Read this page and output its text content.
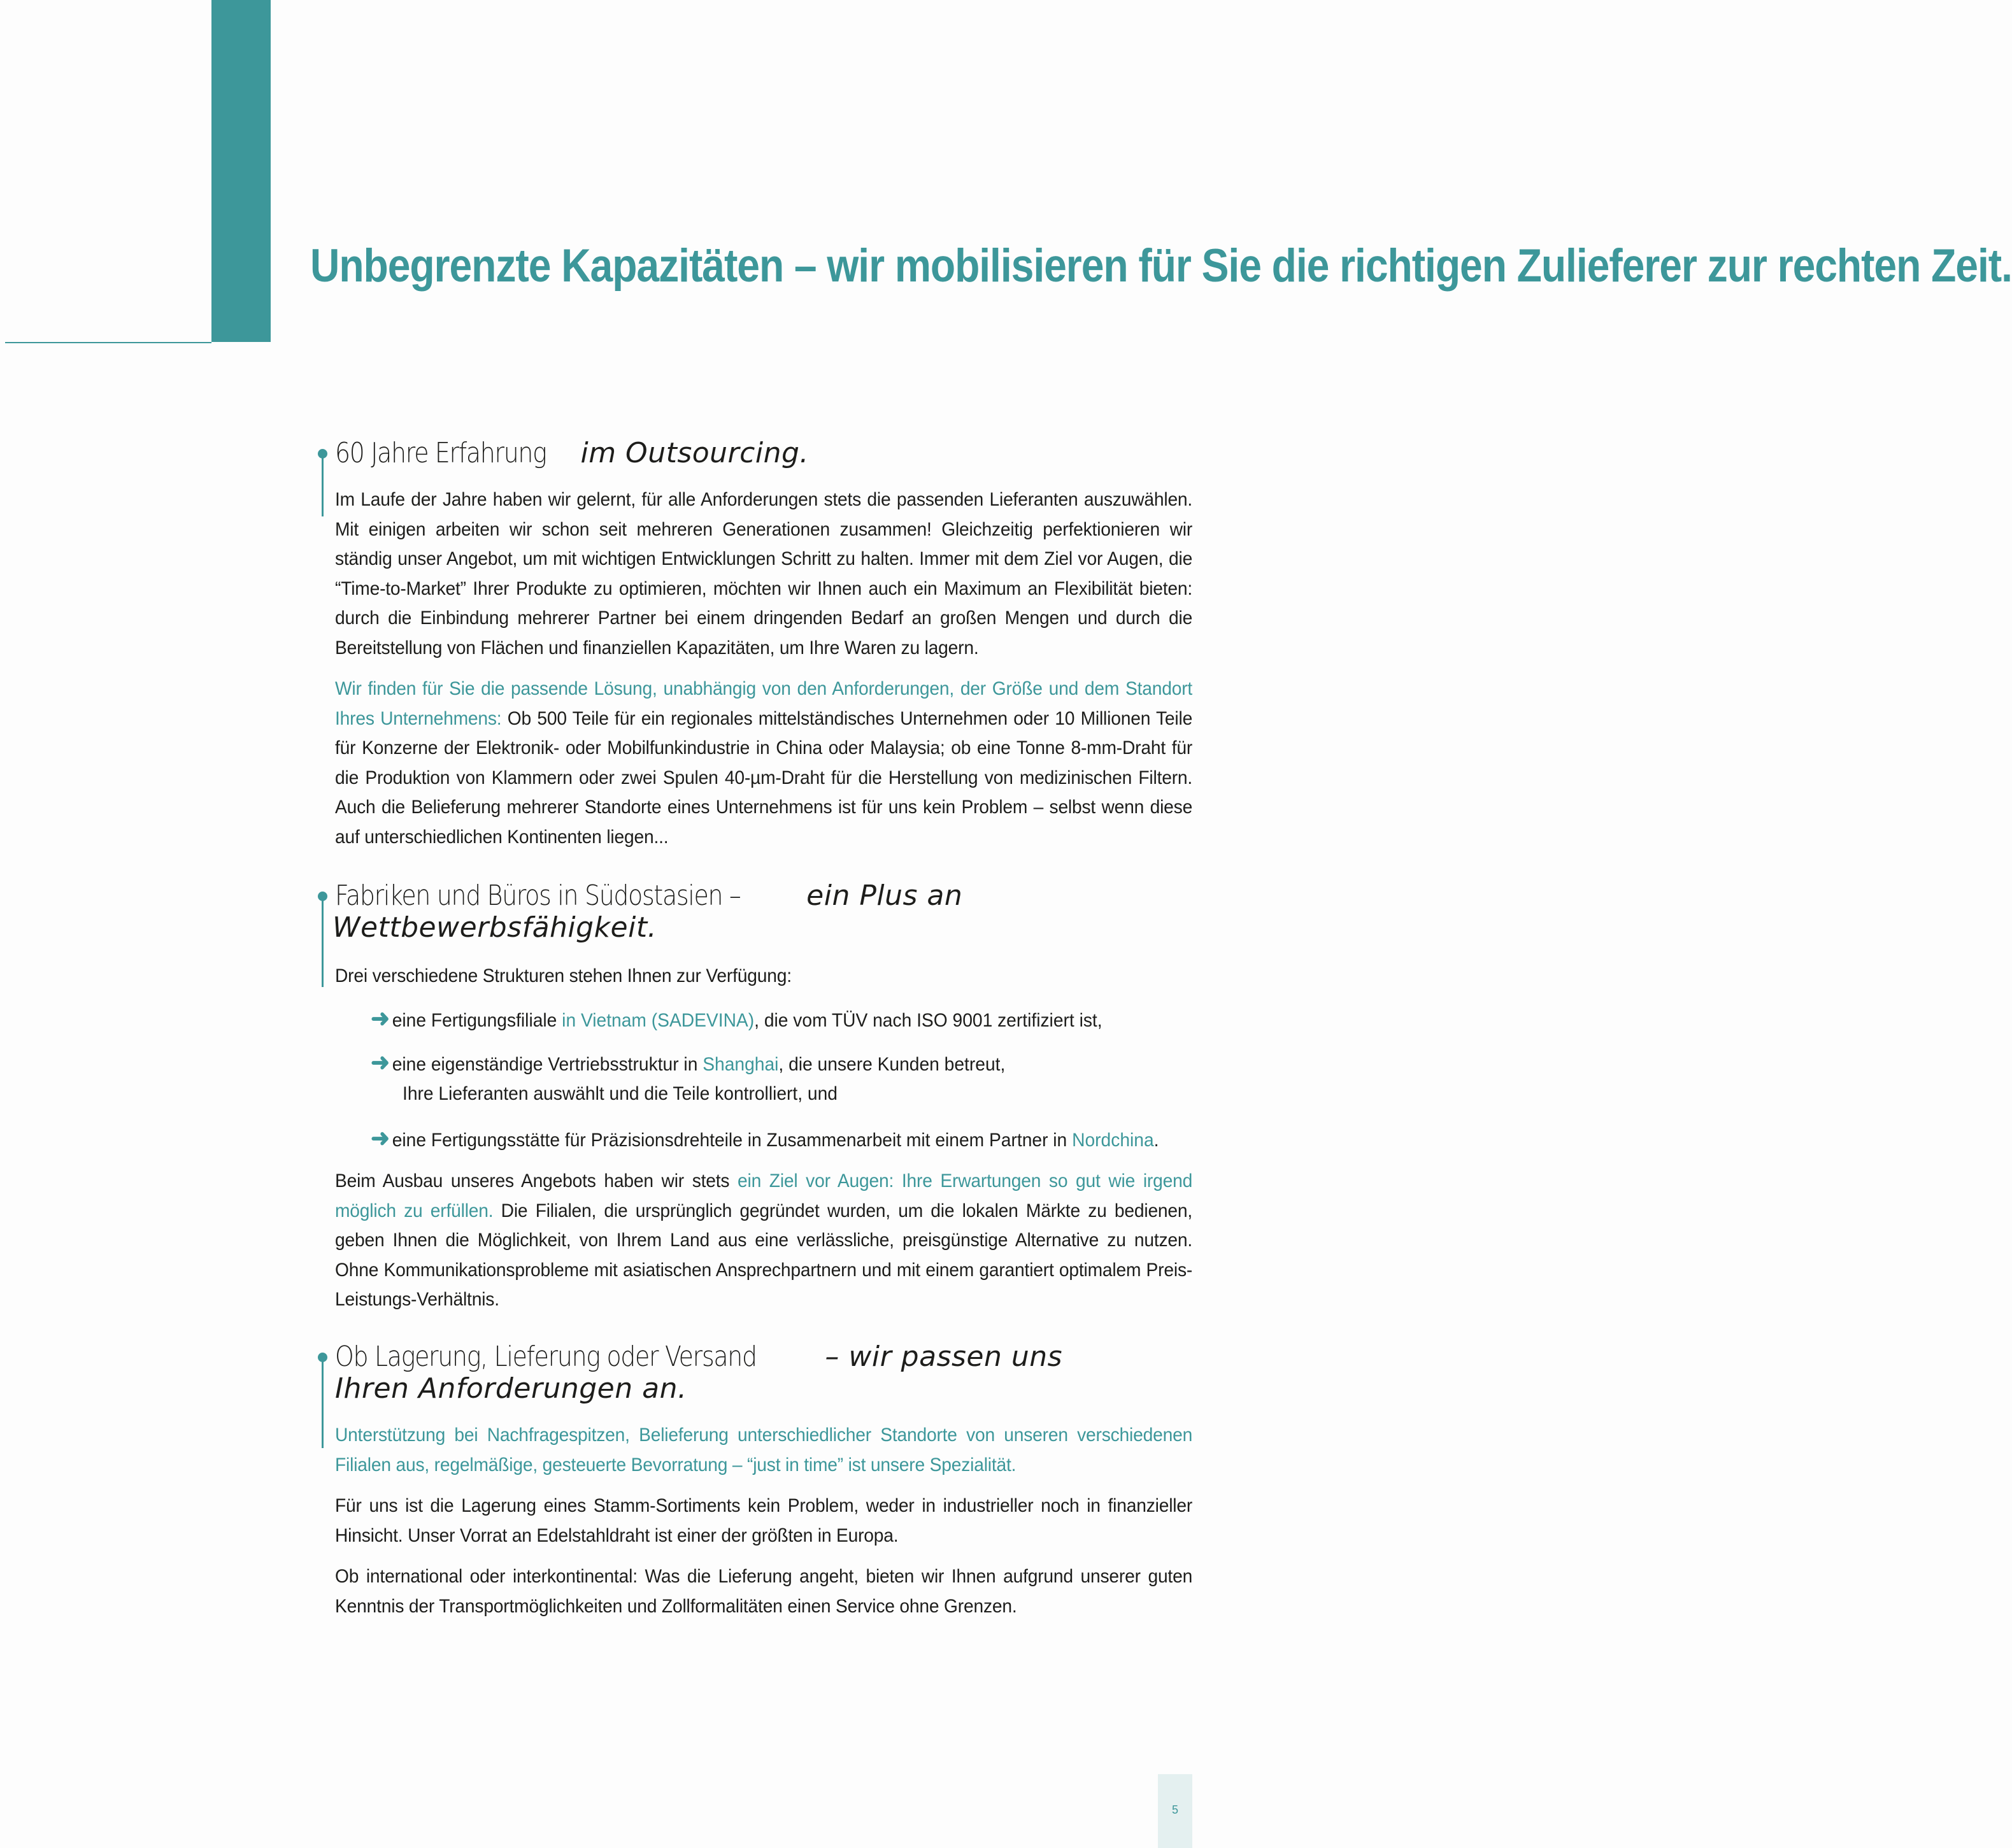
Unbegrenzte Kapazitäten – wir mobilisieren für Sie die richtigen Zulieferer zur rechten Zeit.
60 Jahre Erfahrungim Outsourcing.

Im Laufe der Jahre haben wir gelernt, für alle Anforderungen stets die passenden Lieferanten auszuwählen. Mit einigen arbeiten wir schon seit mehreren Generationen zusammen! Gleichzeitig perfektionieren wir ständig unser Angebot, um mit wichtigen Entwicklungen Schritt zu halten. Immer mit dem Ziel vor Augen, die “Time-to-Market” Ihrer Produkte zu optimieren, möchten wir Ihnen auch ein Maximum an Flexibilität bieten: durch die Einbindung mehrerer Partner bei einem dringenden Bedarf an großen Mengen und durch die Bereitstellung von Flächen und finanziellen Kapazitäten, um Ihre Waren zu lagern.

Wir finden für Sie die passende Lösung, unabhängig von den Anforderungen, der Größe und dem Standort Ihres Unternehmens: Ob 500 Teile für ein regionales mittelständisches Unternehmen oder 10 Millionen Teile für Konzerne der Elektronik- oder Mobilfunkindustrie in China oder Malaysia; ob eine Tonne 8-mm-Draht für die Produktion von Klammern oder zwei Spulen 40-µm-Draht für die Herstellung von medizinischen Filtern. Auch die Belieferung mehrerer Standorte eines Unternehmens ist für uns kein Problem – selbst wenn diese auf unterschiedlichen Kontinenten liegen...

Fabriken und Büros in Südostasien –ein Plus an
Wettbewerbsfähigkeit.

Drei verschiedene Strukturen stehen Ihnen zur Verfügung:

➜ eine Fertigungsfiliale in Vietnam (SADEVINA), die vom TÜV nach ISO 9001 zertifiziert ist,
➜ eine eigenständige Vertriebsstruktur in Shanghai, die unsere Kunden betreut,
Ihre Lieferanten auswählt und die Teile kontrolliert, und
➜ eine Fertigungsstätte für Präzisionsdrehteile in Zusammenarbeit mit einem Partner in Nordchina.

Beim Ausbau unseres Angebots haben wir stets ein Ziel vor Augen: Ihre Erwartungen so gut wie irgend möglich zu erfüllen. Die Filialen, die ursprünglich gegründet wurden, um die lokalen Märkte zu bedienen, geben Ihnen die Möglichkeit, von Ihrem Land aus eine verlässliche, preisgünstige Alternative zu nutzen. Ohne Kommunikationsprobleme mit asiatischen Ansprechpartnern und mit einem garantiert optimalem Preis-Leistungs-Verhältnis.

Ob Lagerung, Lieferung oder Versand– wir passen uns
Ihren Anforderungen an.

Unterstützung bei Nachfragespitzen, Belieferung unterschiedlicher Standorte von unseren verschiedenen Filialen aus, regelmäßige, gesteuerte Bevorratung – “just in time” ist unsere Spezialität.

Für uns ist die Lagerung eines Stamm-Sortiments kein Problem, weder in industrieller noch in finanzieller Hinsicht. Unser Vorrat an Edelstahldraht ist einer der größten in Europa.

Ob international oder interkontinental: Was die Lieferung angeht, bieten wir Ihnen aufgrund unserer guten Kenntnis der Transportmöglichkeiten und Zollformalitäten einen Service ohne Grenzen.

5
